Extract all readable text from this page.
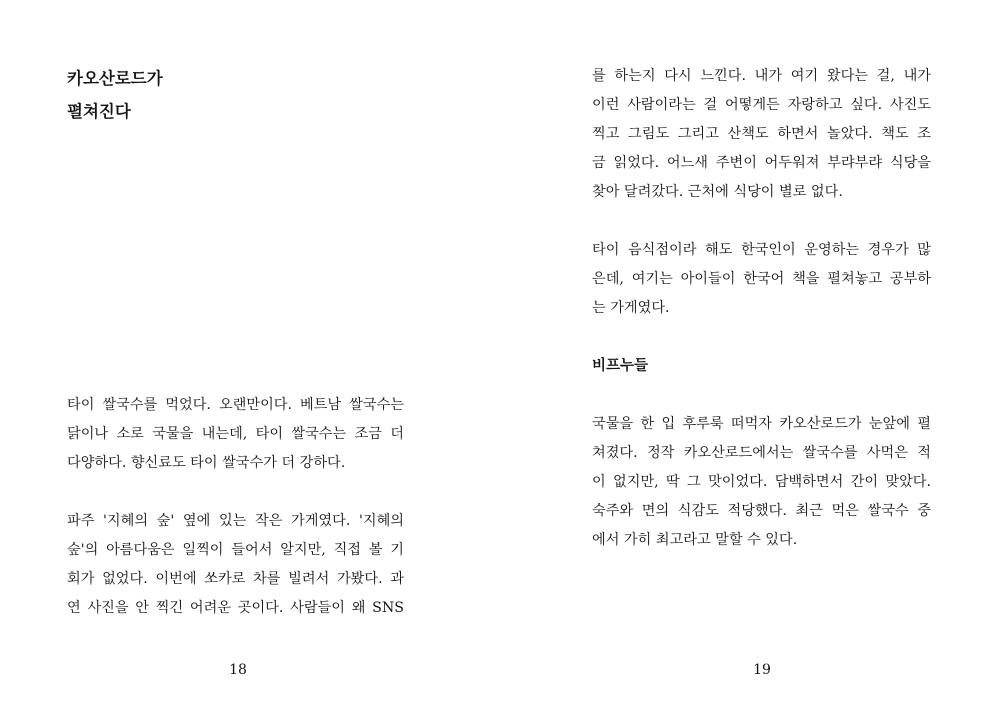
카오산로드가
펼쳐진다

타이 쌀국수를 먹었다. 오랜만이다. 베트남 쌀국수는
닭이나 소로 국물을 내는데, 타이 쌀국수는 조금 더
다양하다. 향신료도 타이 쌀국수가 더 강하다.

파주 '지혜의 숲' 옆에 있는 작은 가게였다. '지혜의
숲'의 아름다움은 일찍이 들어서 알지만, 직접 볼 기
회가 없었다. 이번에 쏘카로 차를 빌려서 가봤다. 과
연 사진을 안 찍긴 어려운 곳이다. 사람들이 왜 SNS

18

를 하는지 다시 느낀다. 내가 여기 왔다는 걸, 내가
이런 사람이라는 걸 어떻게든 자랑하고 싶다. 사진도
찍고 그림도 그리고 산책도 하면서 놀았다. 책도 조
금 읽었다. 어느새 주변이 어두워져 부랴부랴 식당을
찾아 달려갔다. 근처에 식당이 별로 없다.

타이 음식점이라 해도 한국인이 운영하는 경우가 많
은데, 여기는 아이들이 한국어 책을 펼쳐놓고 공부하
는 가게였다.

비프누들

국물을 한 입 후루룩 떠먹자 카오산로드가 눈앞에 펼
쳐졌다. 정작 카오산로드에서는 쌀국수를 사먹은 적
이 없지만, 딱 그 맛이었다. 담백하면서 간이 맞았다.
숙주와 면의 식감도 적당했다. 최근 먹은 쌀국수 중
에서 가히 최고라고 말할 수 있다.

19
